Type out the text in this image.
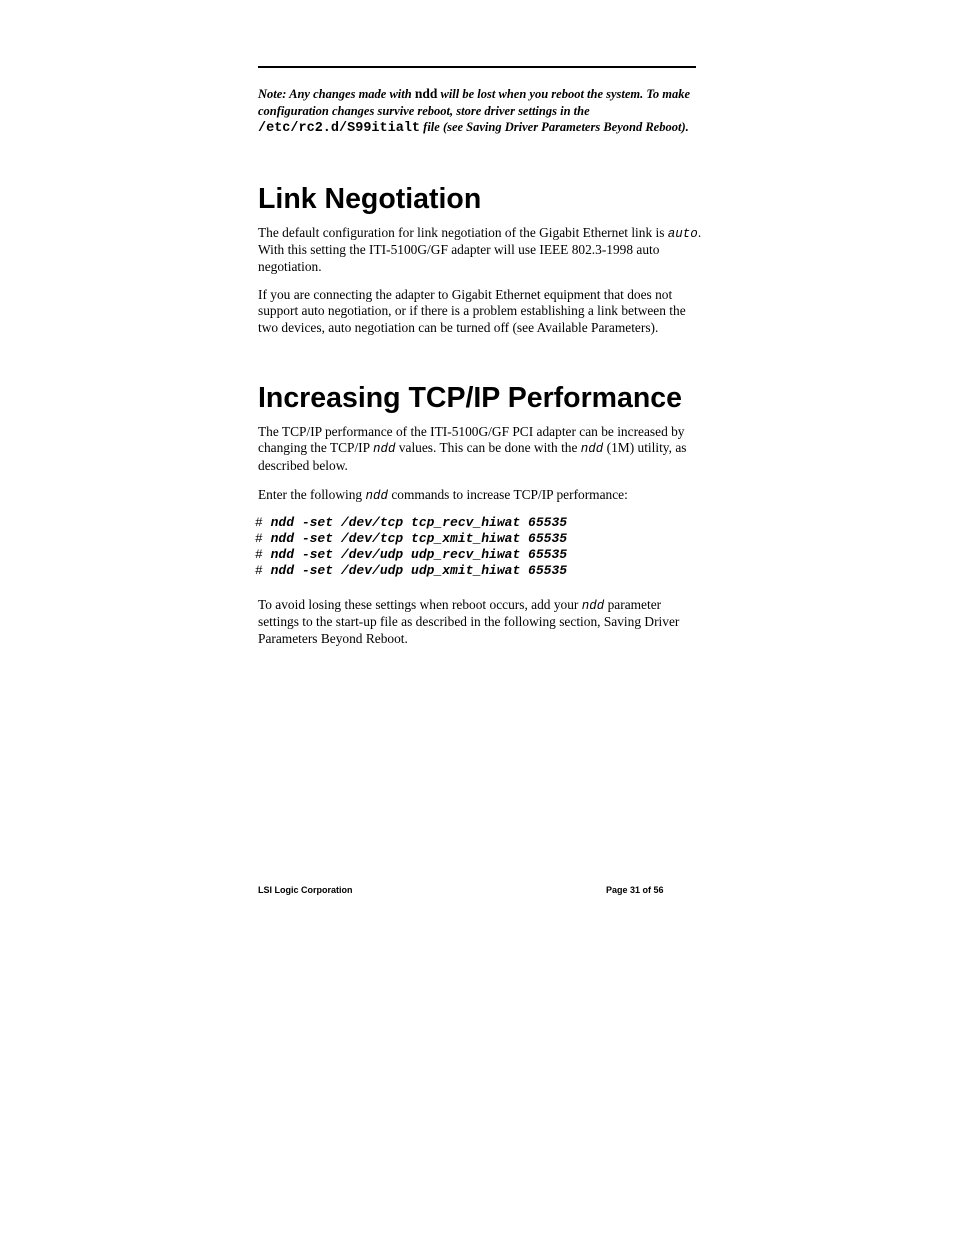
Note: Any changes made with ndd will be lost when you reboot the system. To make configuration changes survive reboot, store driver settings in the /etc/rc2.d/S99itialt file (see Saving Driver Parameters Beyond Reboot).
Link Negotiation

The default configuration for link negotiation of the Gigabit Ethernet link is auto. With this setting the ITI-5100G/GF adapter will use IEEE 802.3-1998 auto negotiation.

If you are connecting the adapter to Gigabit Ethernet equipment that does not support auto negotiation, or if there is a problem establishing a link between the two devices, auto negotiation can be turned off (see Available Parameters).

Increasing TCP/IP Performance

The TCP/IP performance of the ITI-5100G/GF PCI adapter can be increased by changing the TCP/IP ndd values. This can be done with the ndd (1M) utility, as described below.

Enter the following ndd commands to increase TCP/IP performance:

# ndd -set /dev/tcp tcp_recv_hiwat 65535
# ndd -set /dev/tcp tcp_xmit_hiwat 65535
# ndd -set /dev/udp udp_recv_hiwat 65535
# ndd -set /dev/udp udp_xmit_hiwat 65535

To avoid losing these settings when reboot occurs, add your ndd parameter settings to the start-up file as described in the following section, Saving Driver Parameters Beyond Reboot.

LSI Logic Corporation	Page 31 of 56
